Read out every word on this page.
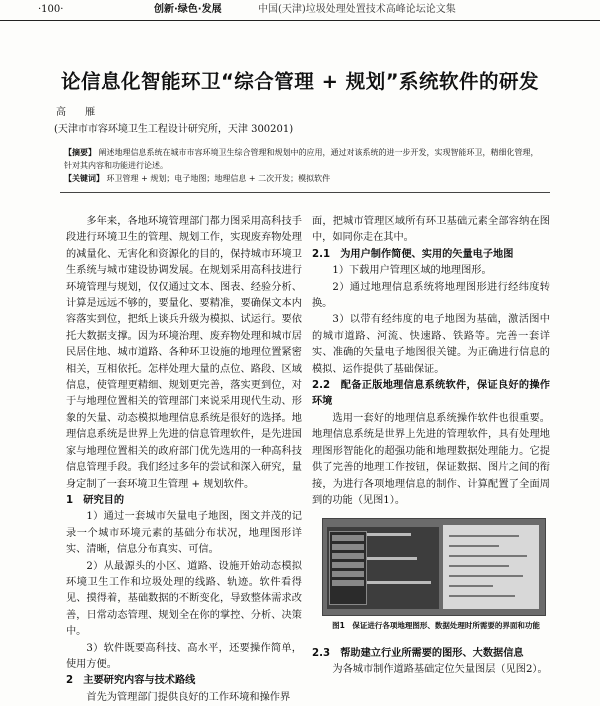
·100·	创新·绿色·发展	中国(天津)垃圾处理处置技术高峰论坛论文集
论信息化智能环卫“综合管理 + 规划”系统软件的研发
高 雁
(天津市市容环境卫生工程设计研究所，天津 300201)
【摘要】 阐述地理信息系统在城市市容环境卫生综合管理和规划中的应用，通过对该系统的进一步开发，实现智能环卫，精细化管理，针对其内容和功能进行论述。
【关键词】 环卫管理 + 规划；电子地图；地理信息 + 二次开发；模拟软件

多年来，各地环境管理部门都力图采用高科技手段进行环境卫生的管理、规划工作，实现废弃物处理的减量化、无害化和资源化的目的，保持城市环境卫生系统与城市建设协调发展。在规划采用高科技进行环境管理与规划，仅仅通过文本、图表、经验分析、计算是远远不够的，要量化、要精准，要确保文本内容落实到位，把纸上谈兵升级为模拟、试运行。要依托大数据支撑。因为环境治理、废弃物处理和城市居民居住地、城市道路、各种环卫设施的地理位置紧密相关，互相依托。怎样处理大量的点位、路段、区域信息，使管理更精细、规划更完善，落实更到位，对于与地理位置相关的管理部门来说采用现代生动、形象的矢量、动态模拟地理信息系统是很好的选择。地理信息系统是世界上先进的信息管理软件，是先进国家与地理位置相关的政府部门优先选用的一种高科技信息管理手段。我们经过多年的尝试和深入研究，量身定制了一套环境卫生管理 + 规划软件。

1　研究目的

1）通过一套城市矢量电子地图，图文并茂的记录一个城市环境元素的基础分布状况，地理图形详实、清晰，信息分布真实、可信。

2）从最源头的小区、道路、设施开始动态模拟环境卫生工作和垃圾处理的线路、轨迹。软件看得见、摸得着，基础数据的不断变化，导致整体需求改善，日常动态管理、规划全在你的掌控、分析、决策中。

3）软件既要高科技、高水平，还要操作简单，使用方便。

2　主要研究内容与技术路线

首先为管理部门提供良好的工作环境和操作界

面，把城市管理区域所有环卫基础元素全部容纳在图中，如同你走在其中。

2.1　为用户制作简便、实用的矢量电子地图

1）下载用户管理区域的地理图形。

2）通过地理信息系统将地理图形进行经纬度转换。

3）以带有经纬度的电子地图为基础，激活图中的城市道路、河流、快速路、铁路等。完善一套详实、准确的矢量电子地图很关键。为正确进行信息的模拟、运作提供了基础保证。

2.2　配备正版地理信息系统软件，保证良好的操作环境

选用一套好的地理信息系统操作软件也很重要。地理信息系统是世界上先进的管理软件，具有处理地理图形智能化的超强功能和地理数据处理能力。它提供了完善的地理工作按钮，保证数据、图片之间的衔接，为进行各项地理信息的制作、计算配置了全面周到的功能（见图1）。

图1　保证进行各项地理图形、数据处理时所需要的界面和功能
2.3　帮助建立行业所需要的图形、大数据信息

为各城市制作道路基础定位矢量图层（见图2）。
